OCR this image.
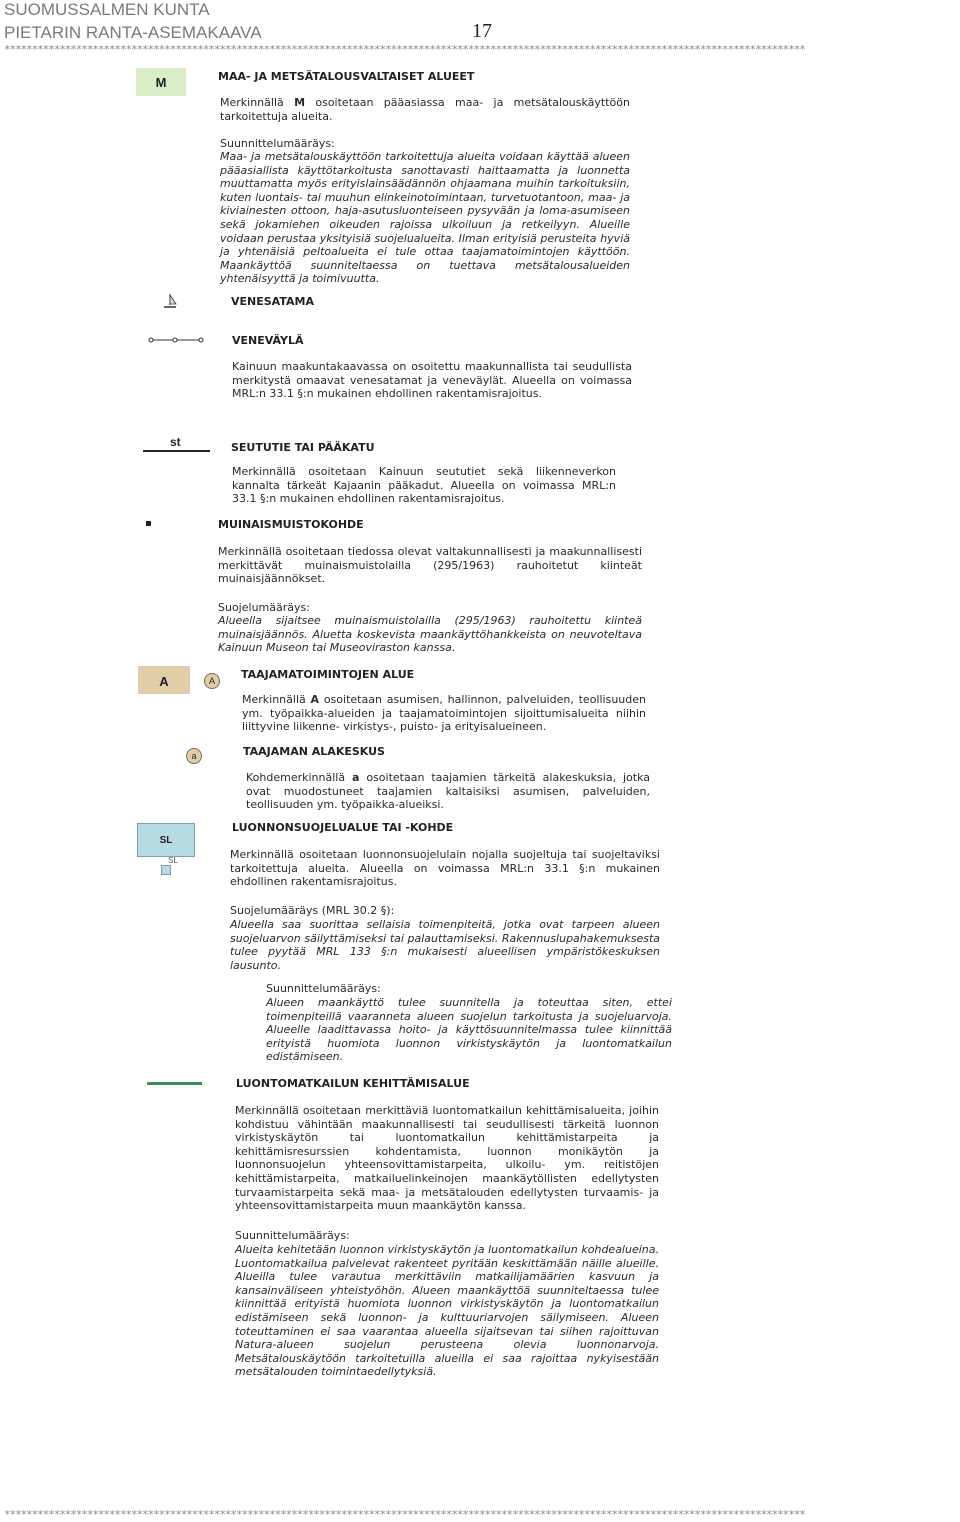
SUOMUSSALMEN KUNTA
PIETARIN RANTA-ASEMAKAAVA	17
*************************************************************************************************************************************************
M	MAA- JA METSÄTALOUSVALTAISET ALUEET
Merkinnällä M osoitetaan pääasiassa maa- ja metsätalouskäyttöön tarkoitettuja alueita.
Suunnittelumääräys:
Maa- ja metsätalouskäyttöön tarkoitettuja alueita voidaan käyttää alueen pääasiallista käyttötarkoitusta sanottavasti haittaamatta ja luonnetta muuttamatta myös erityislainsäädännön ohjaamana muihin tarkoituksiin, kuten luontais- tai muuhun elinkeinotoimintaan, turvetuotantoon, maa- ja kiviainesten ottoon, haja-asutusluonteiseen pysyvään ja loma-asumiseen sekä jokamiehen oikeuden rajoissa ulkoiluun ja retkeilyyn. Alueille voidaan perustaa yksityisiä suojelualueita. Ilman erityisiä perusteita hyviä ja yhtenäisiä peltoalueita ei tule ottaa taajamatoimintojen käyttöön. Maankäyttöä suunniteltaessa on tuettava metsätalousalueiden yhtenäisyyttä ja toimivuutta.
VENESATAMA
VENEVÄYLÄ
Kainuun maakuntakaavassa on osoitettu maakunnallista tai seudullista merkitystä omaavat venesatamat ja veneväylät. Alueella on voimassa MRL:n 33.1 §:n mukainen ehdollinen rakentamisrajoitus.
st	SEUTUTIE TAI PÄÄKATU
Merkinnällä osoitetaan Kainuun seututiet sekä liikenneverkon kannalta tärkeät Kajaanin pääkadut. Alueella on voimassa MRL:n 33.1 §:n mukainen ehdollinen rakentamisrajoitus.
MUINAISMUISTOKOHDE
Merkinnällä osoitetaan tiedossa olevat valtakunnallisesti ja maakunnallisesti merkittävät muinaismuistolailla (295/1963) rauhoitetut kiinteät muinaisjäännökset.
Suojelumääräys:
Alueella sijaitsee muinaismuistolailla (295/1963) rauhoitettu kiinteä muinaisjäännös. Aluetta koskevista maankäyttöhankkeista on neuvoteltava Kainuun Museon tai Museoviraston kanssa.
A	A	TAAJAMATOIMINTOJEN ALUE
Merkinnällä A osoitetaan asumisen, hallinnon, palveluiden, teollisuuden ym. työpaikka-alueiden ja taajamatoimintojen sijoittumisalueita niihin liittyvine liikenne- virkistys-, puisto- ja erityisalueineen.
a	TAAJAMAN ALAKESKUS
Kohdemerkinnällä a osoitetaan taajamien tärkeitä alakeskuksia, jotka ovat muodostuneet taajamien kaltaisiksi asumisen, palveluiden, teollisuuden ym. työpaikka-alueiksi.
SL
SL
LUONNONSUOJELUALUE TAI -KOHDE
Merkinnällä osoitetaan luonnonsuojelulain nojalla suojeltuja tai suojeltaviksi tarkoitettuja alueita. Alueella on voimassa MRL:n 33.1 §:n mukainen ehdollinen rakentamisrajoitus.
Suojelumääräys (MRL 30.2 §):
Alueella saa suorittaa sellaisia toimenpiteitä, jotka ovat tarpeen alueen suojeluarvon säilyttämiseksi tai palauttamiseksi. Rakennuslupahakemuksesta tulee pyytää MRL 133 §:n mukaisesti alueellisen ympäristökeskuksen lausunto.
Suunnittelumääräys:
Alueen maankäyttö tulee suunnitella ja toteuttaa siten, ettei toimenpiteillä vaaranneta alueen suojelun tarkoitusta ja suojeluarvoja. Alueelle laadittavassa hoito- ja käyttösuunnitelmassa tulee kiinnittää erityistä huomiota luonnon virkistyskäytön ja luontomatkailun edistämiseen.
LUONTOMATKAILUN KEHITTÄMISALUE
Merkinnällä osoitetaan merkittäviä luontomatkailun kehittämisalueita, joihin kohdistuu vähintään maakunnallisesti tai seudullisesti tärkeitä luonnon virkistyskäytön tai luontomatkailun kehittämistarpeita ja kehittämisresurssien kohdentamista, luonnon monikäytön ja luonnonsuojelun yhteensovittamistarpeita, ulkoilu- ym. reitistöjen kehittämistarpeita, matkailuelinkeinojen maankäytöllisten edellytysten turvaamistarpeita sekä maa- ja metsätalouden edellytysten turvaamis- ja yhteensovittamistarpeita muun maankäytön kanssa.
Suunnittelumääräys:
Alueita kehitetään luonnon virkistyskäytön ja luontomatkailun kohdealueina. Luontomatkailua palvelevat rakenteet pyritään keskittämään näille alueille. Alueilla tulee varautua merkittäviin matkailijamäärien kasvuun ja kansainväliseen yhteistyöhön. Alueen maankäyttöä suunniteltaessa tulee kiinnittää erityistä huomiota luonnon virkistyskäytön ja luontomatkailun edistämiseen sekä luonnon- ja kulttuuriarvojen säilymiseen. Alueen toteuttaminen ei saa vaarantaa alueella sijaitsevan tai siihen rajoittuvan Natura-alueen suojelun perusteena olevia luonnonarvoja. Metsätalouskäytöön tarkoitetuilla alueilla ei saa rajoittaa nykyisestään metsätalouden toimintaedellytyksiä.
*************************************************************************************************************************************************
